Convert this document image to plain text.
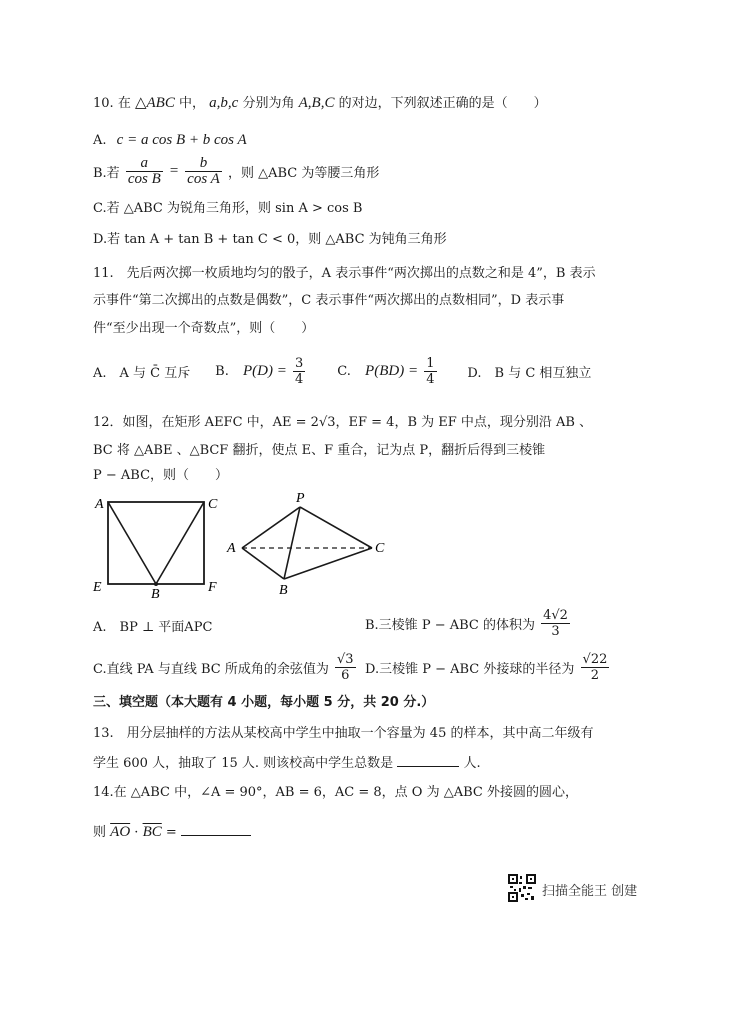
10. 在 △ABC 中， a,b,c 分别为角 A,B,C 的对边，下列叙述正确的是（　　）
A. c = a cos B + b cos A
B.若 $\frac{a}{\text{cos B}} = \frac{b}{\text{cos A}}$ ，则 △ABC 为等腰三角形
C.若 △ABC 为锐角三角形，则 sin A > cos B
D.若 tan A + tan B + tan C < 0，则 △ABC 为钝角三角形
11.　先后两次掷一枚质地均匀的骰子，A 表示事件“两次掷出的点数之和是 4”，B 表示
示事件“第二次掷出的点数是偶数”，C 表示事件“两次掷出的点数相同”，D 表示事
件“至少出现一个奇数点”，则（　　）
A.　A 与 C̄ 互斥 B. $P(D) = \frac{3}{4} C$. $P(BD) = \frac{1}{4} D$.　B 与 C 相互独立
12．如图，在矩形 AEFC 中，AE = 2√3，EF = 4，B 为 EF 中点，现分别沿 AB 、
BC 将 △ABE 、△BCF 翻折，使点 E、F 重合，记为点 P，翻折后得到三棱锥
P − ABC，则（　　）
A	C
E	B	F
P
A	C
B
A.　BP ⊥ 平面APC	B.三棱锥 P − ABC 的体积为 $\frac{4√2}{3}$
C.直线 PA 与直线 BC 所成角的余弦值为 $\frac{√3}{6} D$.三棱锥 P − ABC 外接球的半径为 $\frac{√22}{2}$
三、填空题（本大题有 4 小题，每小题 5 分，共 20 分.）
13.　用分层抽样的方法从某校高中学生中抽取一个容量为 45 的样本，其中高二年级有
学生 600 人，抽取了 15 人. 则该校高中学生总数是	人.
14.在 △ABC 中，∠A = 90°，AB = 6，AC = 8，点 O 为 △ABC 外接圆的圆心，
则 $\overline{AO} \cdot \overline{BC}$ =
扫描全能王 创建
